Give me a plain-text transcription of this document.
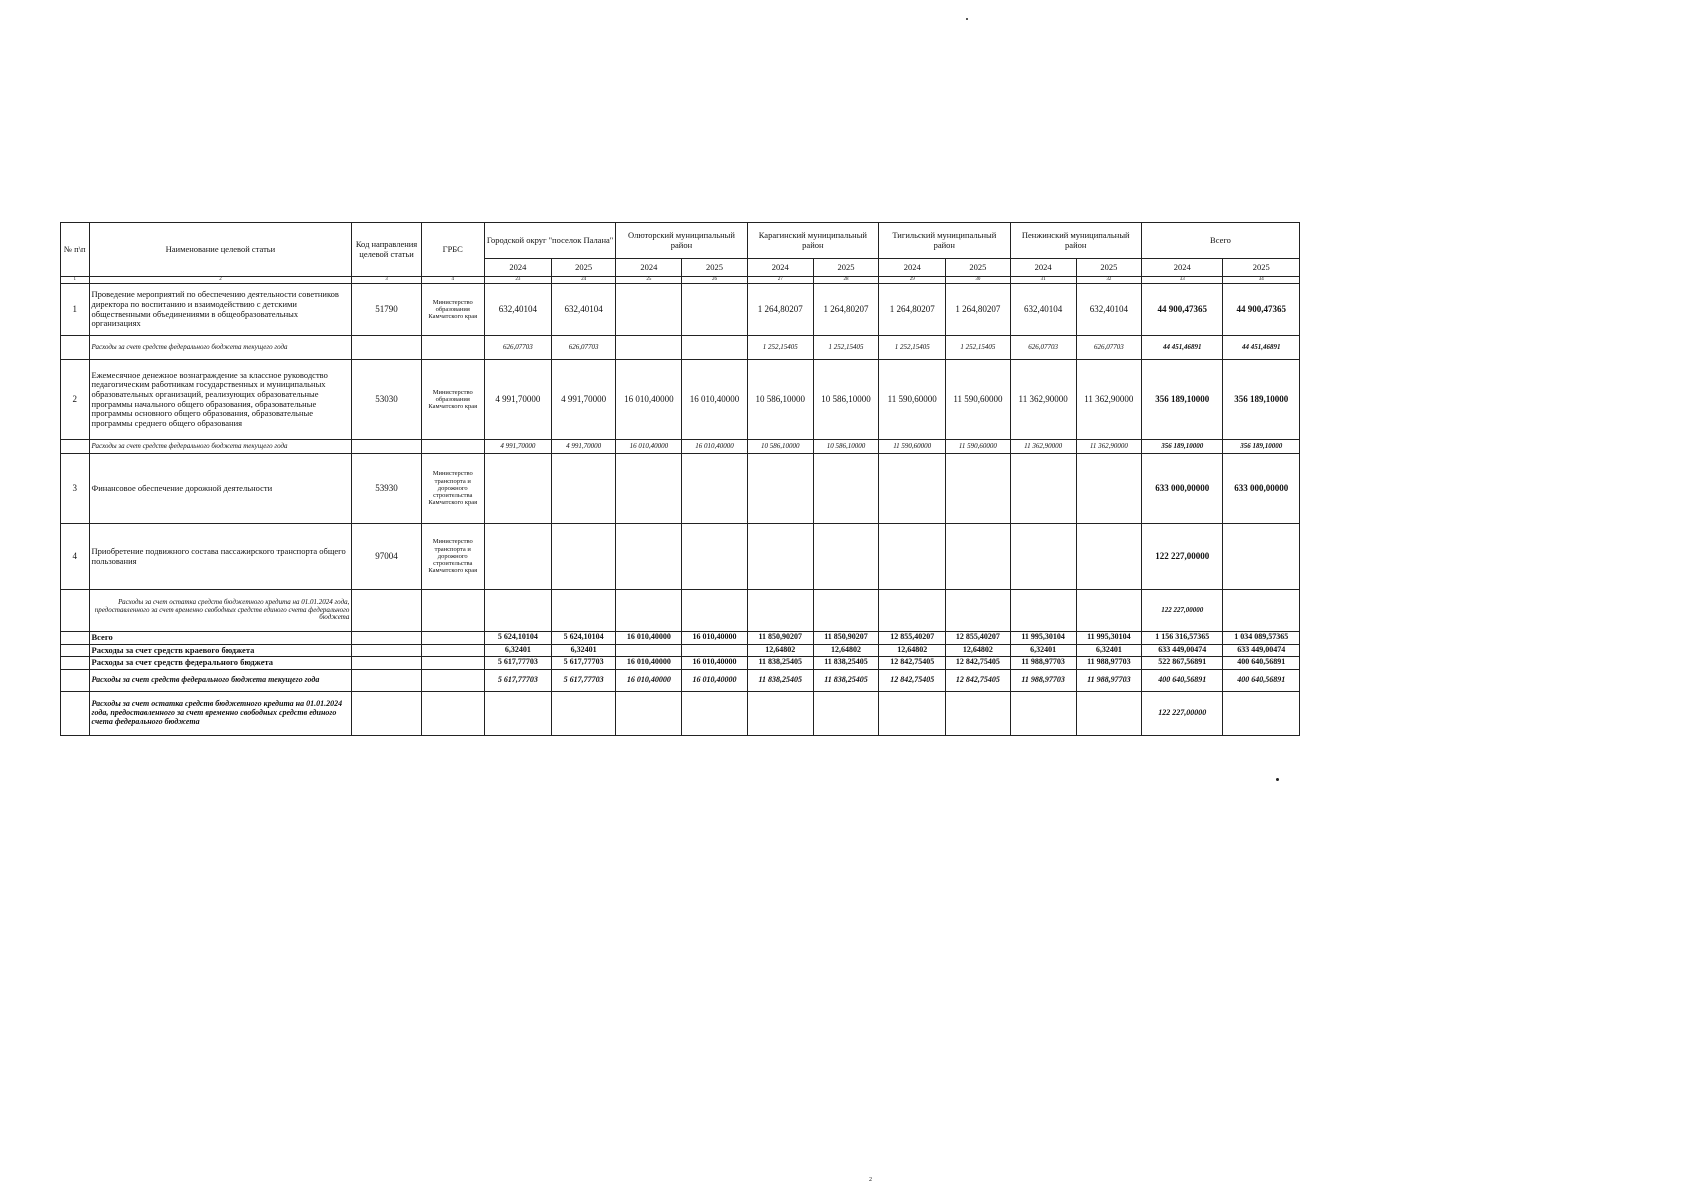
№ п\п	Наименование целевой статьи	Код направления целевой статьи	ГРБС	Городской округ "поселок Палана"		Олюторский муниципальный район		Карагинский муниципальный район		Тигильский муниципальный район		Пенжинский муниципальный район		Всего	
				2024	2025	2024	2025	2024	2025	2024	2025	2024	2025	2024	2025
1	2	3	4	23	24	25	26	27	28	29	30	31	32	33	34
1	Проведение мероприятий по обеспечению деятельности советников директора по воспитанию и взаимодействию с детскими общественными объединениями в общеобразовательных организациях	51790	Министерство образования Камчатского края	632,40104	632,40104			1 264,80207	1 264,80207	1 264,80207	1 264,80207	632,40104	632,40104	44 900,47365	44 900,47365
	Расходы за счет средств федерального бюджета текущего года			626,07703	626,07703			1 252,15405	1 252,15405	1 252,15405	1 252,15405	626,07703	626,07703	44 451,46891	44 451,46891
2	Ежемесячное денежное вознаграждение за классное руководство педагогическим работникам государственных и муниципальных образовательных организаций, реализующих образовательные программы начального общего образования, образовательные программы основного общего образования, образовательные программы среднего общего образования	53030	Министерство образования Камчатского края	4 991,70000	4 991,70000	16 010,40000	16 010,40000	10 586,10000	10 586,10000	11 590,60000	11 590,60000	11 362,90000	11 362,90000	356 189,10000	356 189,10000
	Расходы за счет средств федерального бюджета текущего года			4 991,70000	4 991,70000	16 010,40000	16 010,40000	10 586,10000	10 586,10000	11 590,60000	11 590,60000	11 362,90000	11 362,90000	356 189,10000	356 189,10000
3	Финансовое обеспечение дорожной деятельности	53930	Министерство транспорта и дорожного строительства Камчатского края											633 000,00000	633 000,00000
4	Приобретение подвижного состава пассажирского транспорта общего пользования	97004	Министерство транспорта и дорожного строительства Камчатского края											122 227,00000	
	Расходы за счет остатка средств бюджетного кредита на 01.01.2024 года, предоставленного за счет временно свободных средств единого счета федерального бюджета													122 227,00000	
	Всего			5 624,10104	5 624,10104	16 010,40000	16 010,40000	11 850,90207	11 850,90207	12 855,40207	12 855,40207	11 995,30104	11 995,30104	1 156 316,57365	1 034 089,57365
	Расходы за счет средств краевого бюджета			6,32401	6,32401			12,64802	12,64802	12,64802	12,64802	6,32401	6,32401	633 449,00474	633 449,00474
	Расходы за счет средств федерального бюджета			5 617,77703	5 617,77703	16 010,40000	16 010,40000	11 838,25405	11 838,25405	12 842,75405	12 842,75405	11 988,97703	11 988,97703	522 867,56891	400 640,56891
	Расходы за счет средств федерального бюджета текущего года			5 617,77703	5 617,77703	16 010,40000	16 010,40000	11 838,25405	11 838,25405	12 842,75405	12 842,75405	11 988,97703	11 988,97703	400 640,56891	400 640,56891
	Расходы за счет остатка средств бюджетного кредита на 01.01.2024 года, предоставленного за счет временно свободных средств единого счета федерального бюджета													122 227,00000	
2
